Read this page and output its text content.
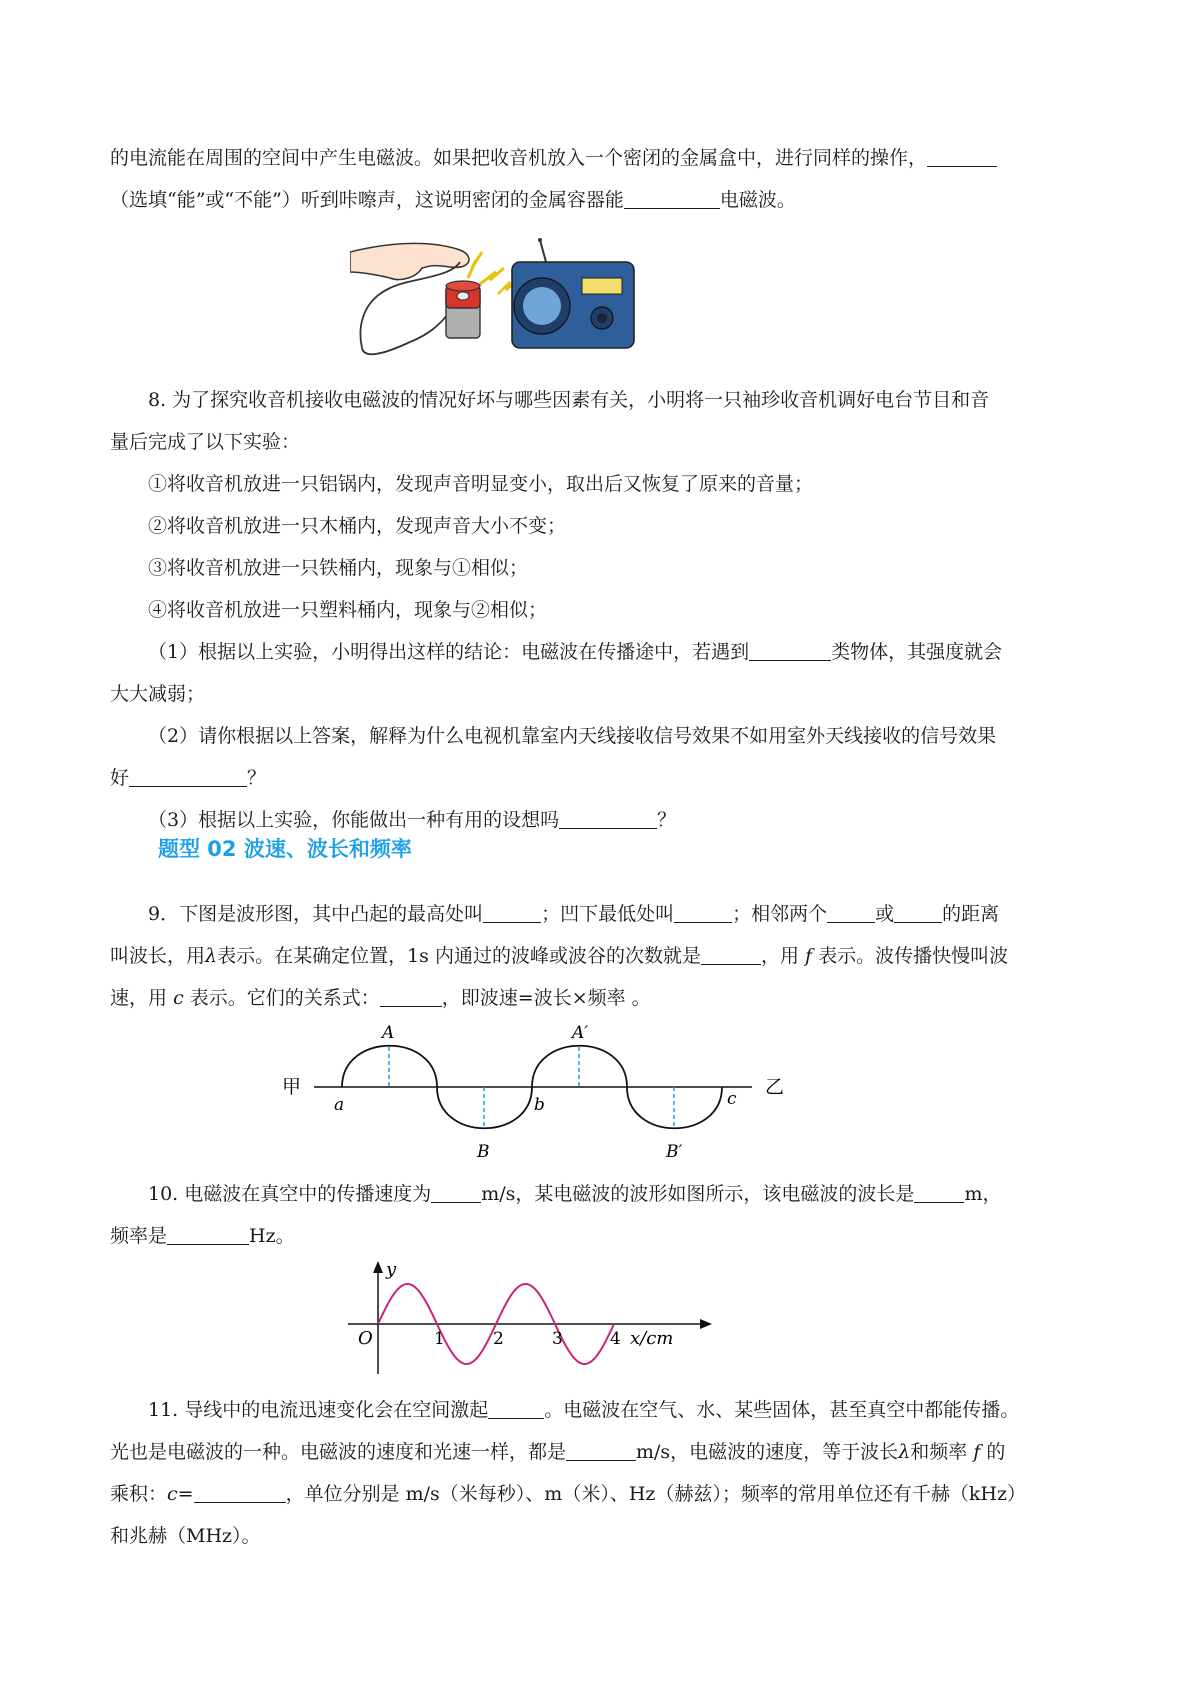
的电流能在周围的空间中产生电磁波。如果把收音机放入一个密闭的金属盒中，进行同样的操作，
（选填“能”或“不能”）听到咔嚓声，这说明密闭的金属容器能	电磁波。
8. 为了探究收音机接收电磁波的情况好坏与哪些因素有关，小明将一只袖珍收音机调好电台节目和音
量后完成了以下实验：
①将收音机放进一只铝锅内，发现声音明显变小，取出后又恢复了原来的音量；
②将收音机放进一只木桶内，发现声音大小不变；
③将收音机放进一只铁桶内，现象与①相似；
④将收音机放进一只塑料桶内，现象与②相似；
（1）根据以上实验，小明得出这样的结论：电磁波在传播途中，若遇到	类物体，其强度就会
大大减弱；
（2）请你根据以上答案，解释为什么电视机靠室内天线接收信号效果不如用室外天线接收的信号效果
好	？
（3）根据以上实验，你能做出一种有用的设想吗	？
题型 02 波速、波长和频率
9．下图是波形图，其中凸起的最高处叫	；凹下最低处叫	；相邻两个	或	的距离
叫波长，用λ表示。在某确定位置，1s 内通过的波峰或波谷的次数就是	，用 f 表示。波传播快慢叫波
速，用 c 表示。它们的关系式：	，即波速=波长×频率 。
甲	乙
A	A′
B	B′
a	b	c
10. 电磁波在真空中的传播速度为	m/s，某电磁波的波形如图所示，该电磁波的波长是	m，
频率是	Hz。
y
O	1	2	3	4 x/cm
11. 导线中的电流迅速变化会在空间激起	。电磁波在空气、水、某些固体，甚至真空中都能传播。
光也是电磁波的一种。电磁波的速度和光速一样，都是	m/s，电磁波的速度，等于波长λ和频率 f 的
乘积：c=	，单位分别是 m/s（米每秒）、m（米）、Hz（赫兹）；频率的常用单位还有千赫（kHz）
和兆赫（MHz）。
